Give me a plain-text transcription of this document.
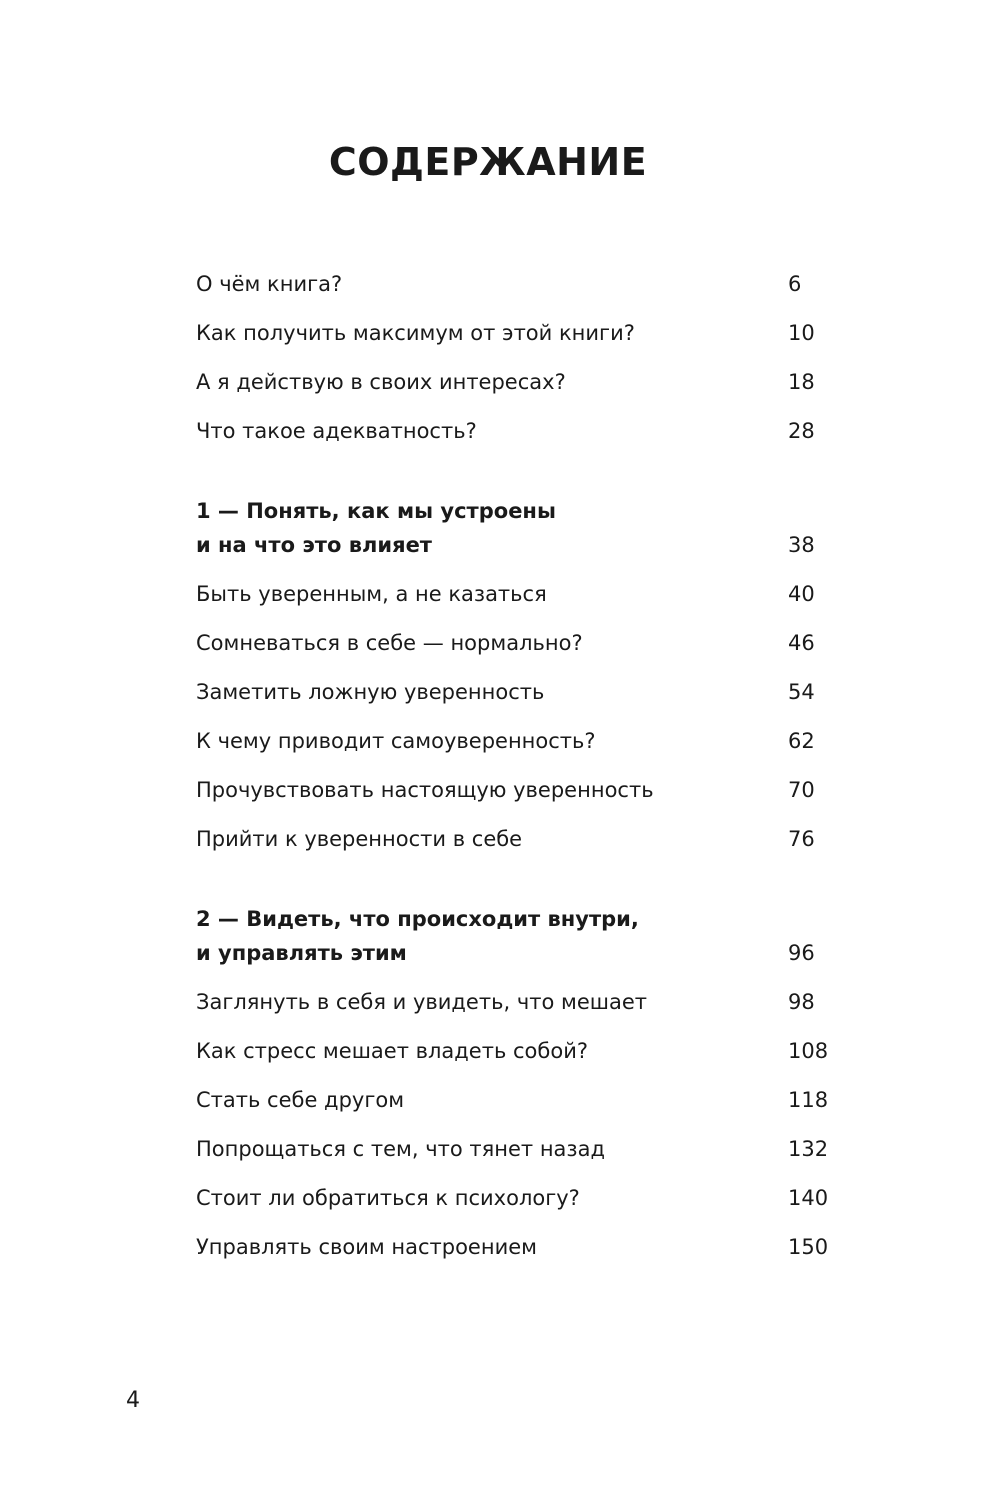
СОДЕРЖАНИЕ
О чём книга?	6
Как получить максимум от этой книги?	10
А я действую в своих интересах?	18
Что такое адекватность?	28
1 — Понять, как мы устроены
и на что это влияет	38
Быть уверенным, а не казаться	40
Сомневаться в себе — нормально?	46
Заметить ложную уверенность	54
К чему приводит самоуверенность?	62
Прочувствовать настоящую уверенность	70
Прийти к уверенности в себе	76
2 — Видеть, что происходит внутри,
и управлять этим	96
Заглянуть в себя и увидеть, что мешает	98
Как стресс мешает владеть собой?	108
Стать себе другом	118
Попрощаться с тем, что тянет назад	132
Стоит ли обратиться к психологу?	140
Управлять своим настроением	150
4
